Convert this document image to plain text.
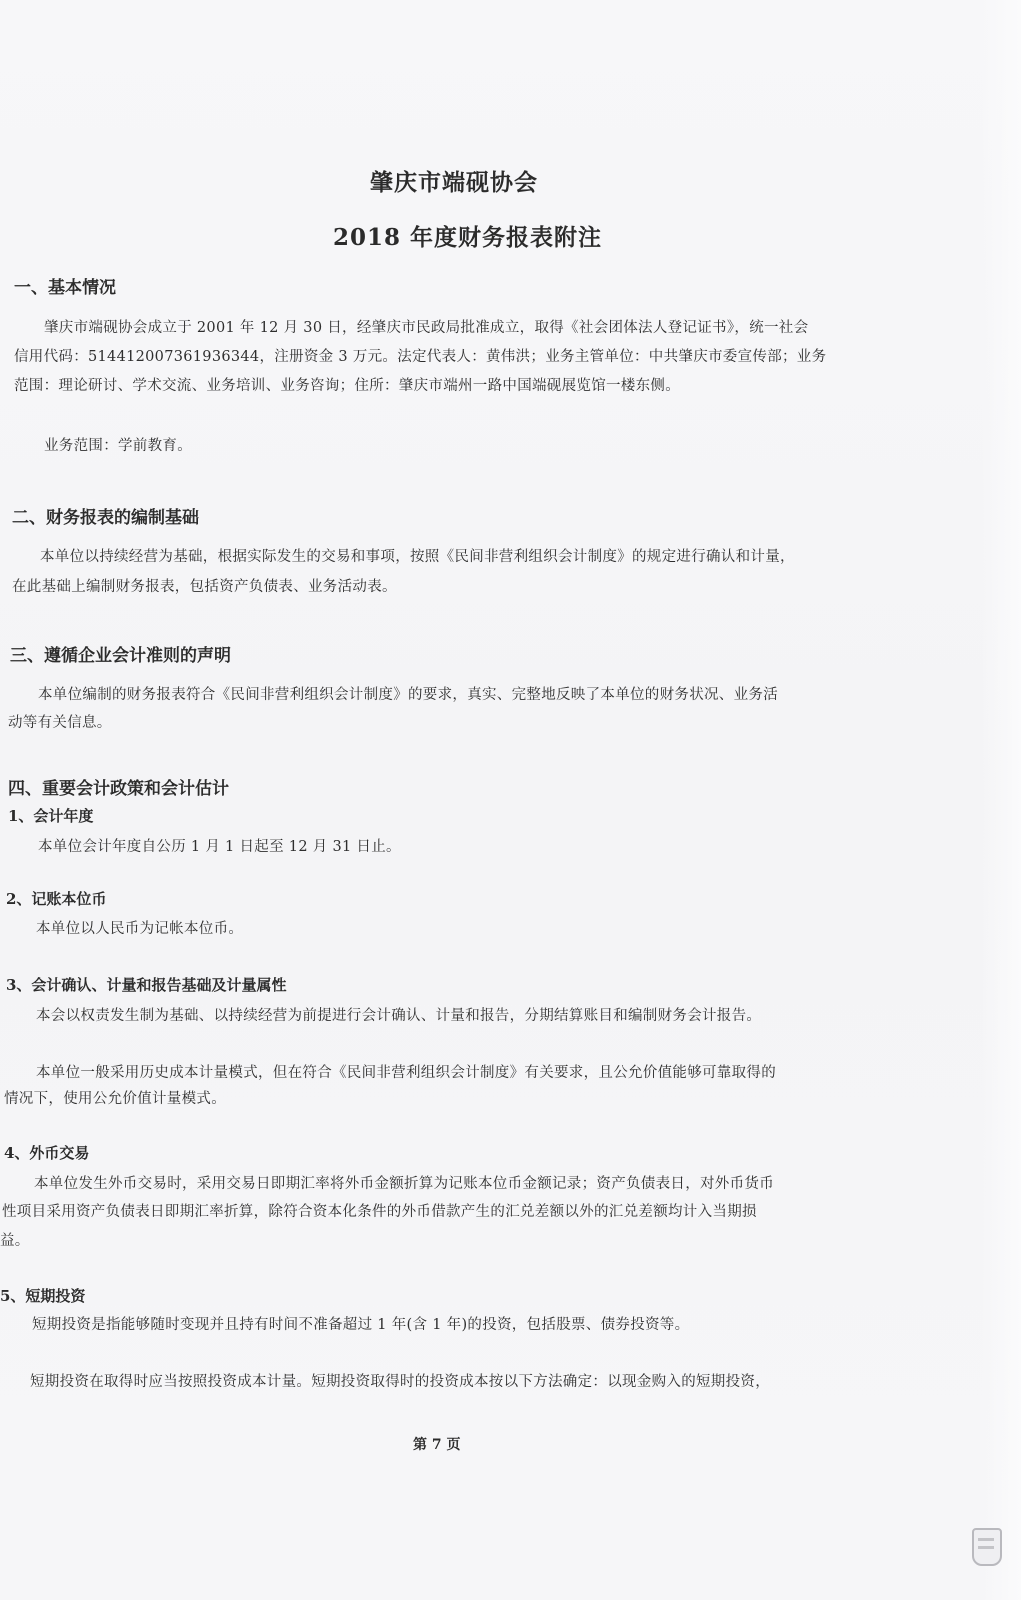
肇庆市端砚协会
2018 年度财务报表附注
一、基本情况
肇庆市端砚协会成立于 2001 年 12 月 30 日，经肇庆市民政局批准成立，取得《社会团体法人登记证书》，统一社会
信用代码：51441200736193634​4，注册资金 3 万元。法定代表人：黄伟洪；业务主管单位：中共肇庆市委宣传部；业务
范围：理论研讨、学术交流、业务培训、业务咨询；住所：肇庆市端州一路中国端砚展览馆一楼东侧。
业务范围：学前教育。
二、财务报表的编制基础
本单位以持续经营为基础，根据实际发生的交易和事项，按照《民间非营利组织会计制度》的规定进行确认和计量，
在此基础上编制财务报表，包括资产负债表、业务活动表。
三、遵循企业会计准则的声明
本单位编制的财务报表符合《民间非营利组织会计制度》的要求，真实、完整地反映了本单位的财务状况、业务活
动等有关信息。
四、重要会计政策和会计估计
1、会计年度
本单位会计年度自公历 1 月 1 日起至 12 月 31 日止。
2、记账本位币
本单位以人民币为记帐本位币。
3、会计确认、计量和报告基础及计量属性
本会以权责发生制为基础、以持续经营为前提进行会计确认、计量和报告，分期结算账目和编制财务会计报告。
本单位一般采用历史成本计量模式，但在符合《民间非营利组织会计制度》有关要求，且公允价值能够可靠取得的
情况下，使用公允价值计量模式。
4、外币交易
本单位发生外币交易时，采用交易日即期汇率将外币金额折算为记账本位币金额记录；资产负债表日，对外币货币
性项目采用资产负债表日即期汇率折算，除符合资本化条件的外币借款产生的汇兑差额以外的汇兑差额均计入当期损
益。
5、短期投资
短期投资是指能够随时变现并且持有时间不准备超过 1 年(含 1 年)的投资，包括股票、债券投资等。
短期投资在取得时应当按照投资成本计量。短期投资取得时的投资成本按以下方法确定：以现金购入的短期投资，
第 7 页
